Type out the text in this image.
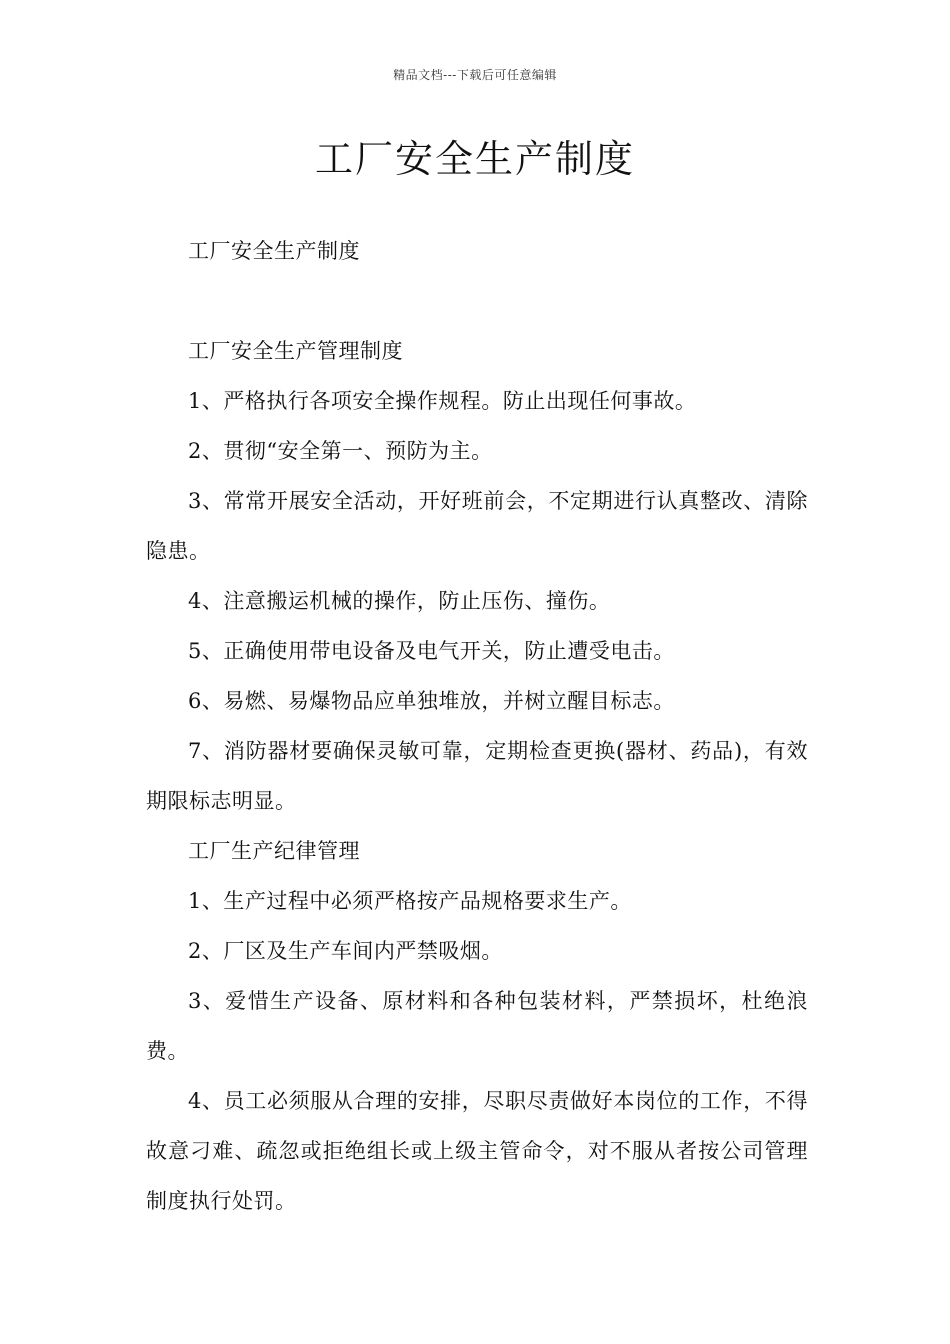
精品文档---下载后可任意编辑
工厂安全生产制度

工厂安全生产制度

工厂安全生产管理制度

1、严格执行各项安全操作规程。防止出现任何事故。

2、贯彻“安全第一、预防为主。

3、常常开展安全活动，开好班前会，不定期进行认真整改、清除隐患。

4、注意搬运机械的操作，防止压伤、撞伤。

5、正确使用带电设备及电气开关，防止遭受电击。

6、易燃、易爆物品应单独堆放，并树立醒目标志。

7、消防器材要确保灵敏可靠，定期检查更换(器材、药品)，有效期限标志明显。

工厂生产纪律管理

1、生产过程中必须严格按产品规格要求生产。

2、厂区及生产车间内严禁吸烟。

3、爱惜生产设备、原材料和各种包装材料，严禁损坏，杜绝浪费。

4、员工必须服从合理的安排，尽职尽责做好本岗位的工作，不得故意刁难、疏忽或拒绝组长或上级主管命令，对不服从者按公司管理制度执行处罚。
